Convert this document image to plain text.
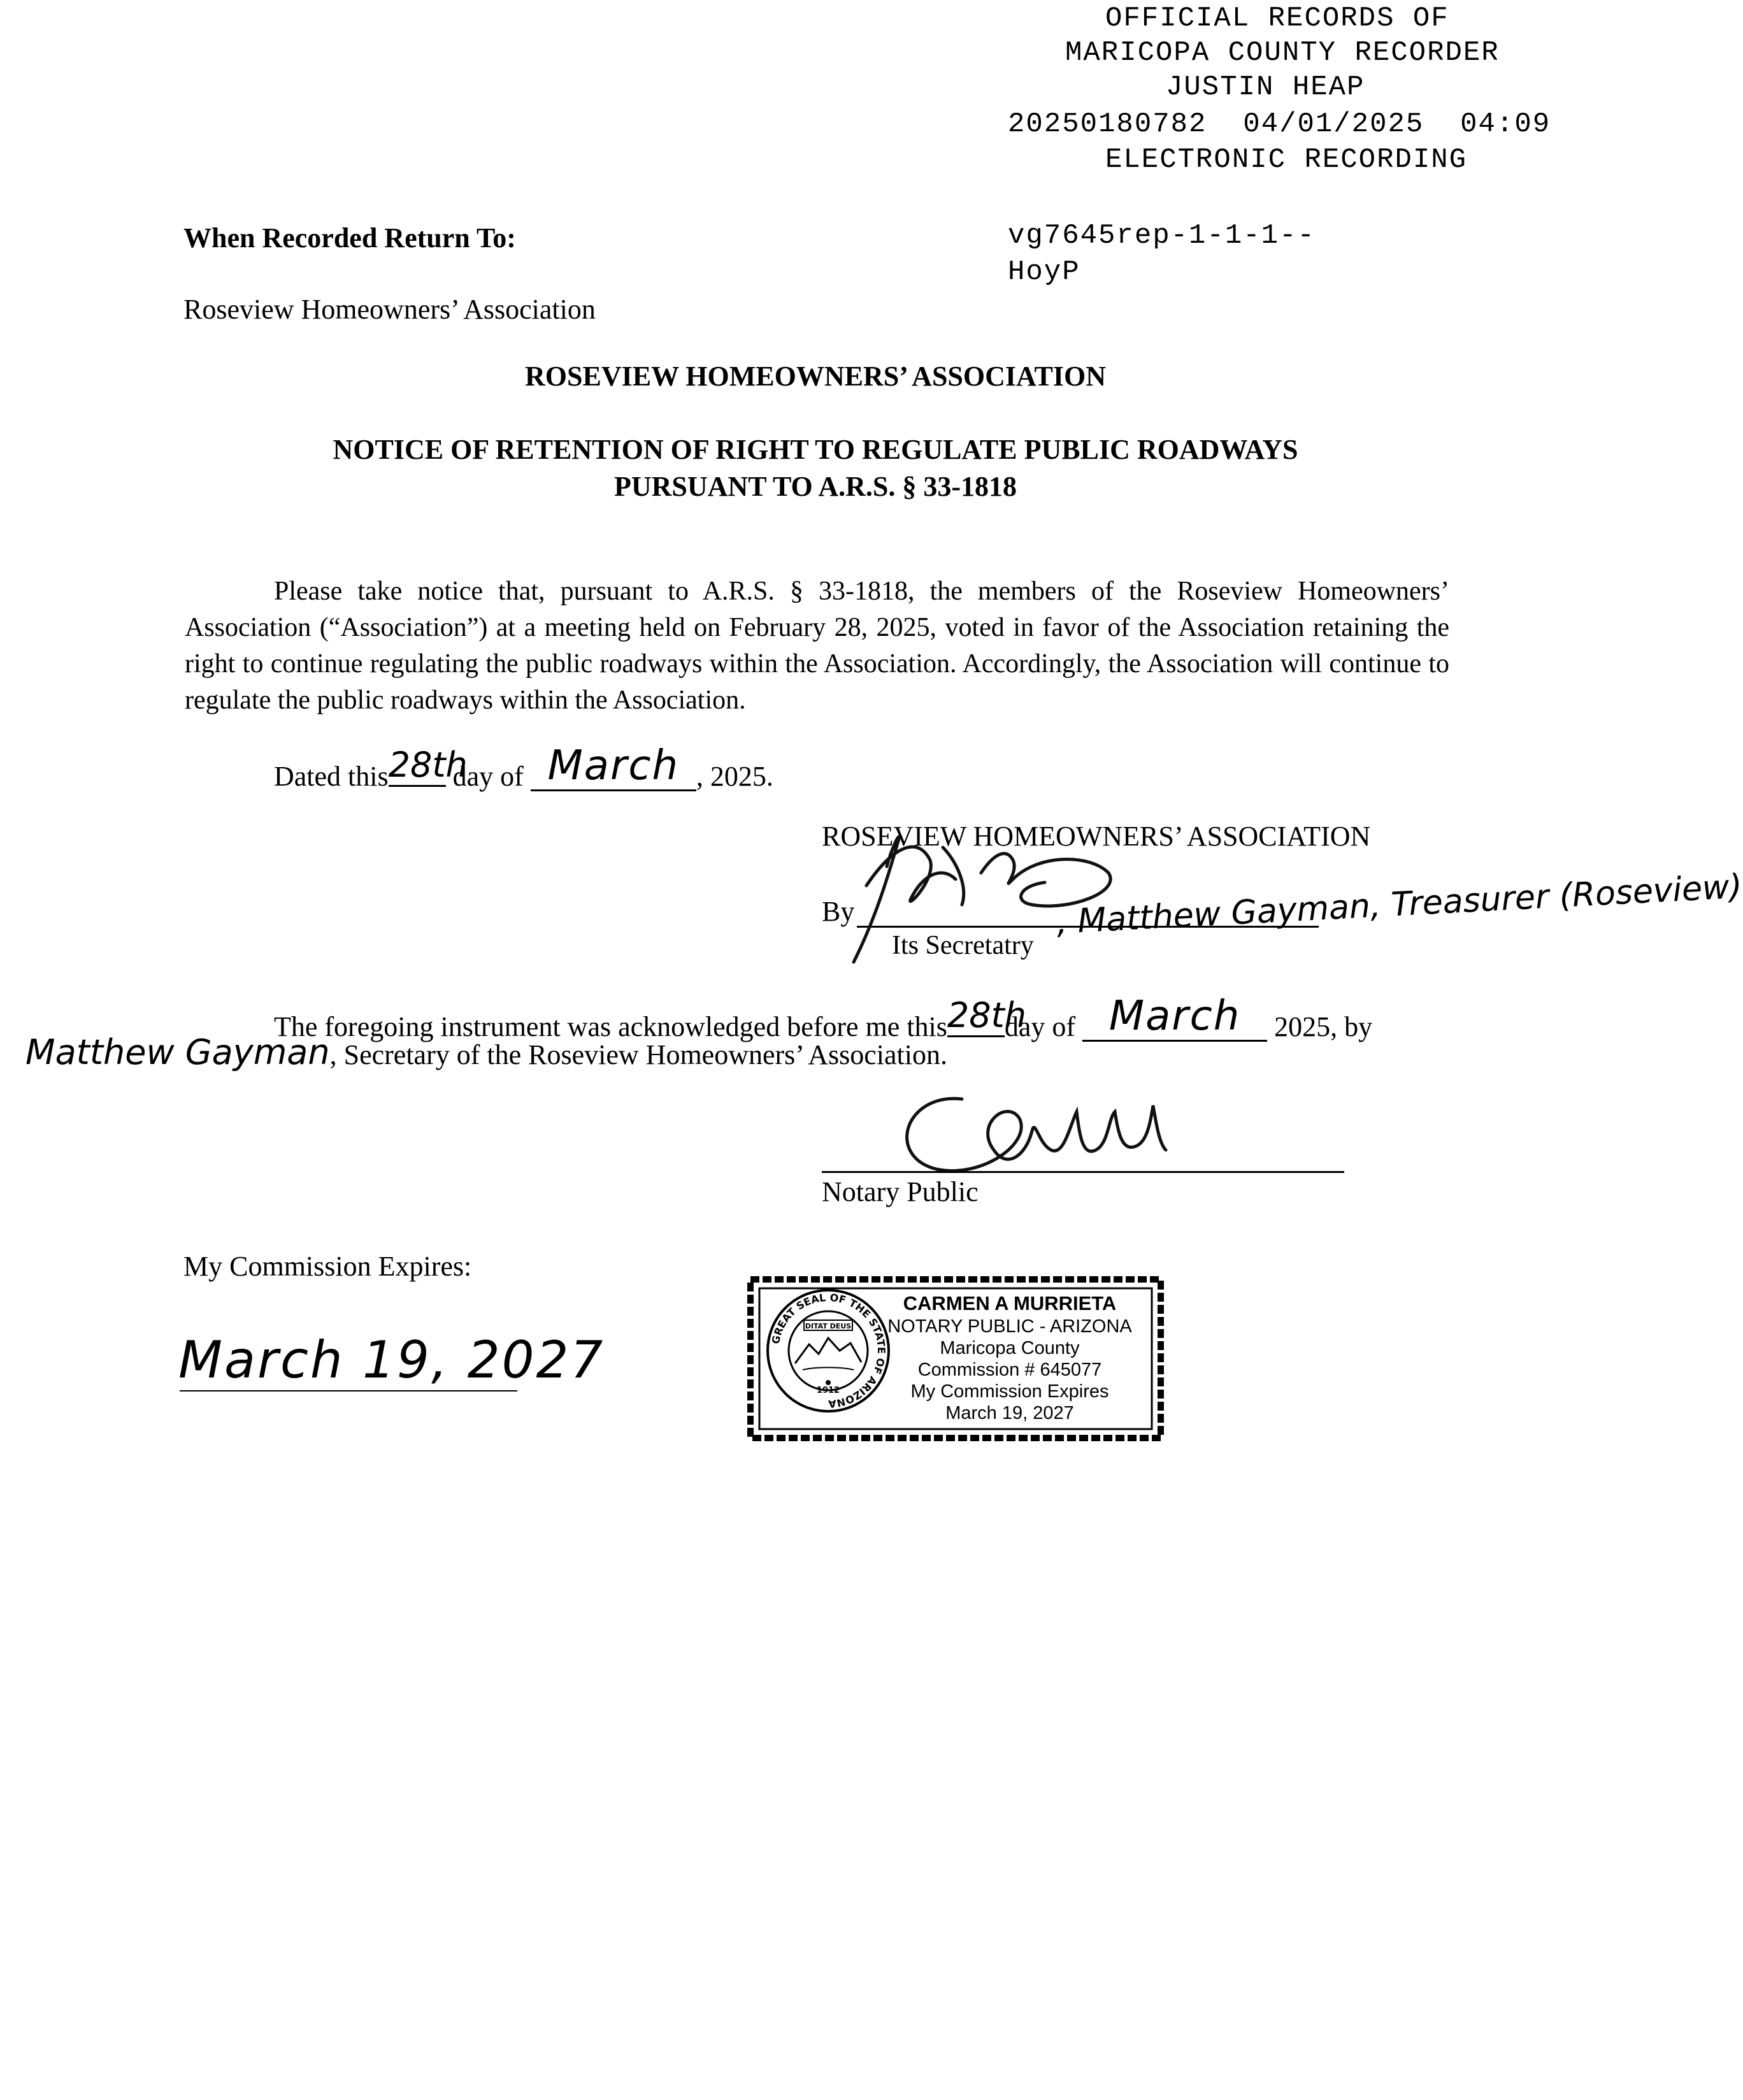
OFFICIAL RECORDS OF
MARICOPA COUNTY RECORDER
JUSTIN HEAP
20250180782  04/01/2025  04:09
ELECTRONIC RECORDING
vg7645rep-1-1-1--
HoyP
When Recorded Return To:
Roseview Homeowners’ Association
ROSEVIEW HOMEOWNERS’ ASSOCIATION
NOTICE OF RETENTION OF RIGHT TO REGULATE PUBLIC ROADWAYS
PURSUANT TO A.R.S. § 33-1818
Please take notice that, pursuant to A.R.S. § 33-1818, the members of the Roseview Homeowners’ Association (“Association”) at a meeting held on February 28, 2025, voted in favor of the Association retaining the right to continue regulating the public roadways within the Association. Accordingly, the Association will continue to regulate the public roadways within the Association.
Dated this28th day of March , 2025.
ROSEVIEW HOMEOWNERS’ ASSOCIATION
By
Its Secretatry
, Matthew Gayman, Treasurer (Roseview)
The foregoing instrument was acknowledged before me this28thday of March 2025, by
Matthew Gayman, Secretary of the Roseview Homeowners’ Association.
Notary Public
My Commission Expires:
March 19, 2027	GREAT SEAL OF THE STATE OF ARIZONA
DITAT DEUS
1912
CARMEN A MURRIETA
NOTARY PUBLIC - ARIZONA
Maricopa County
Commission # 645077
My Commission Expires
March 19, 2027
